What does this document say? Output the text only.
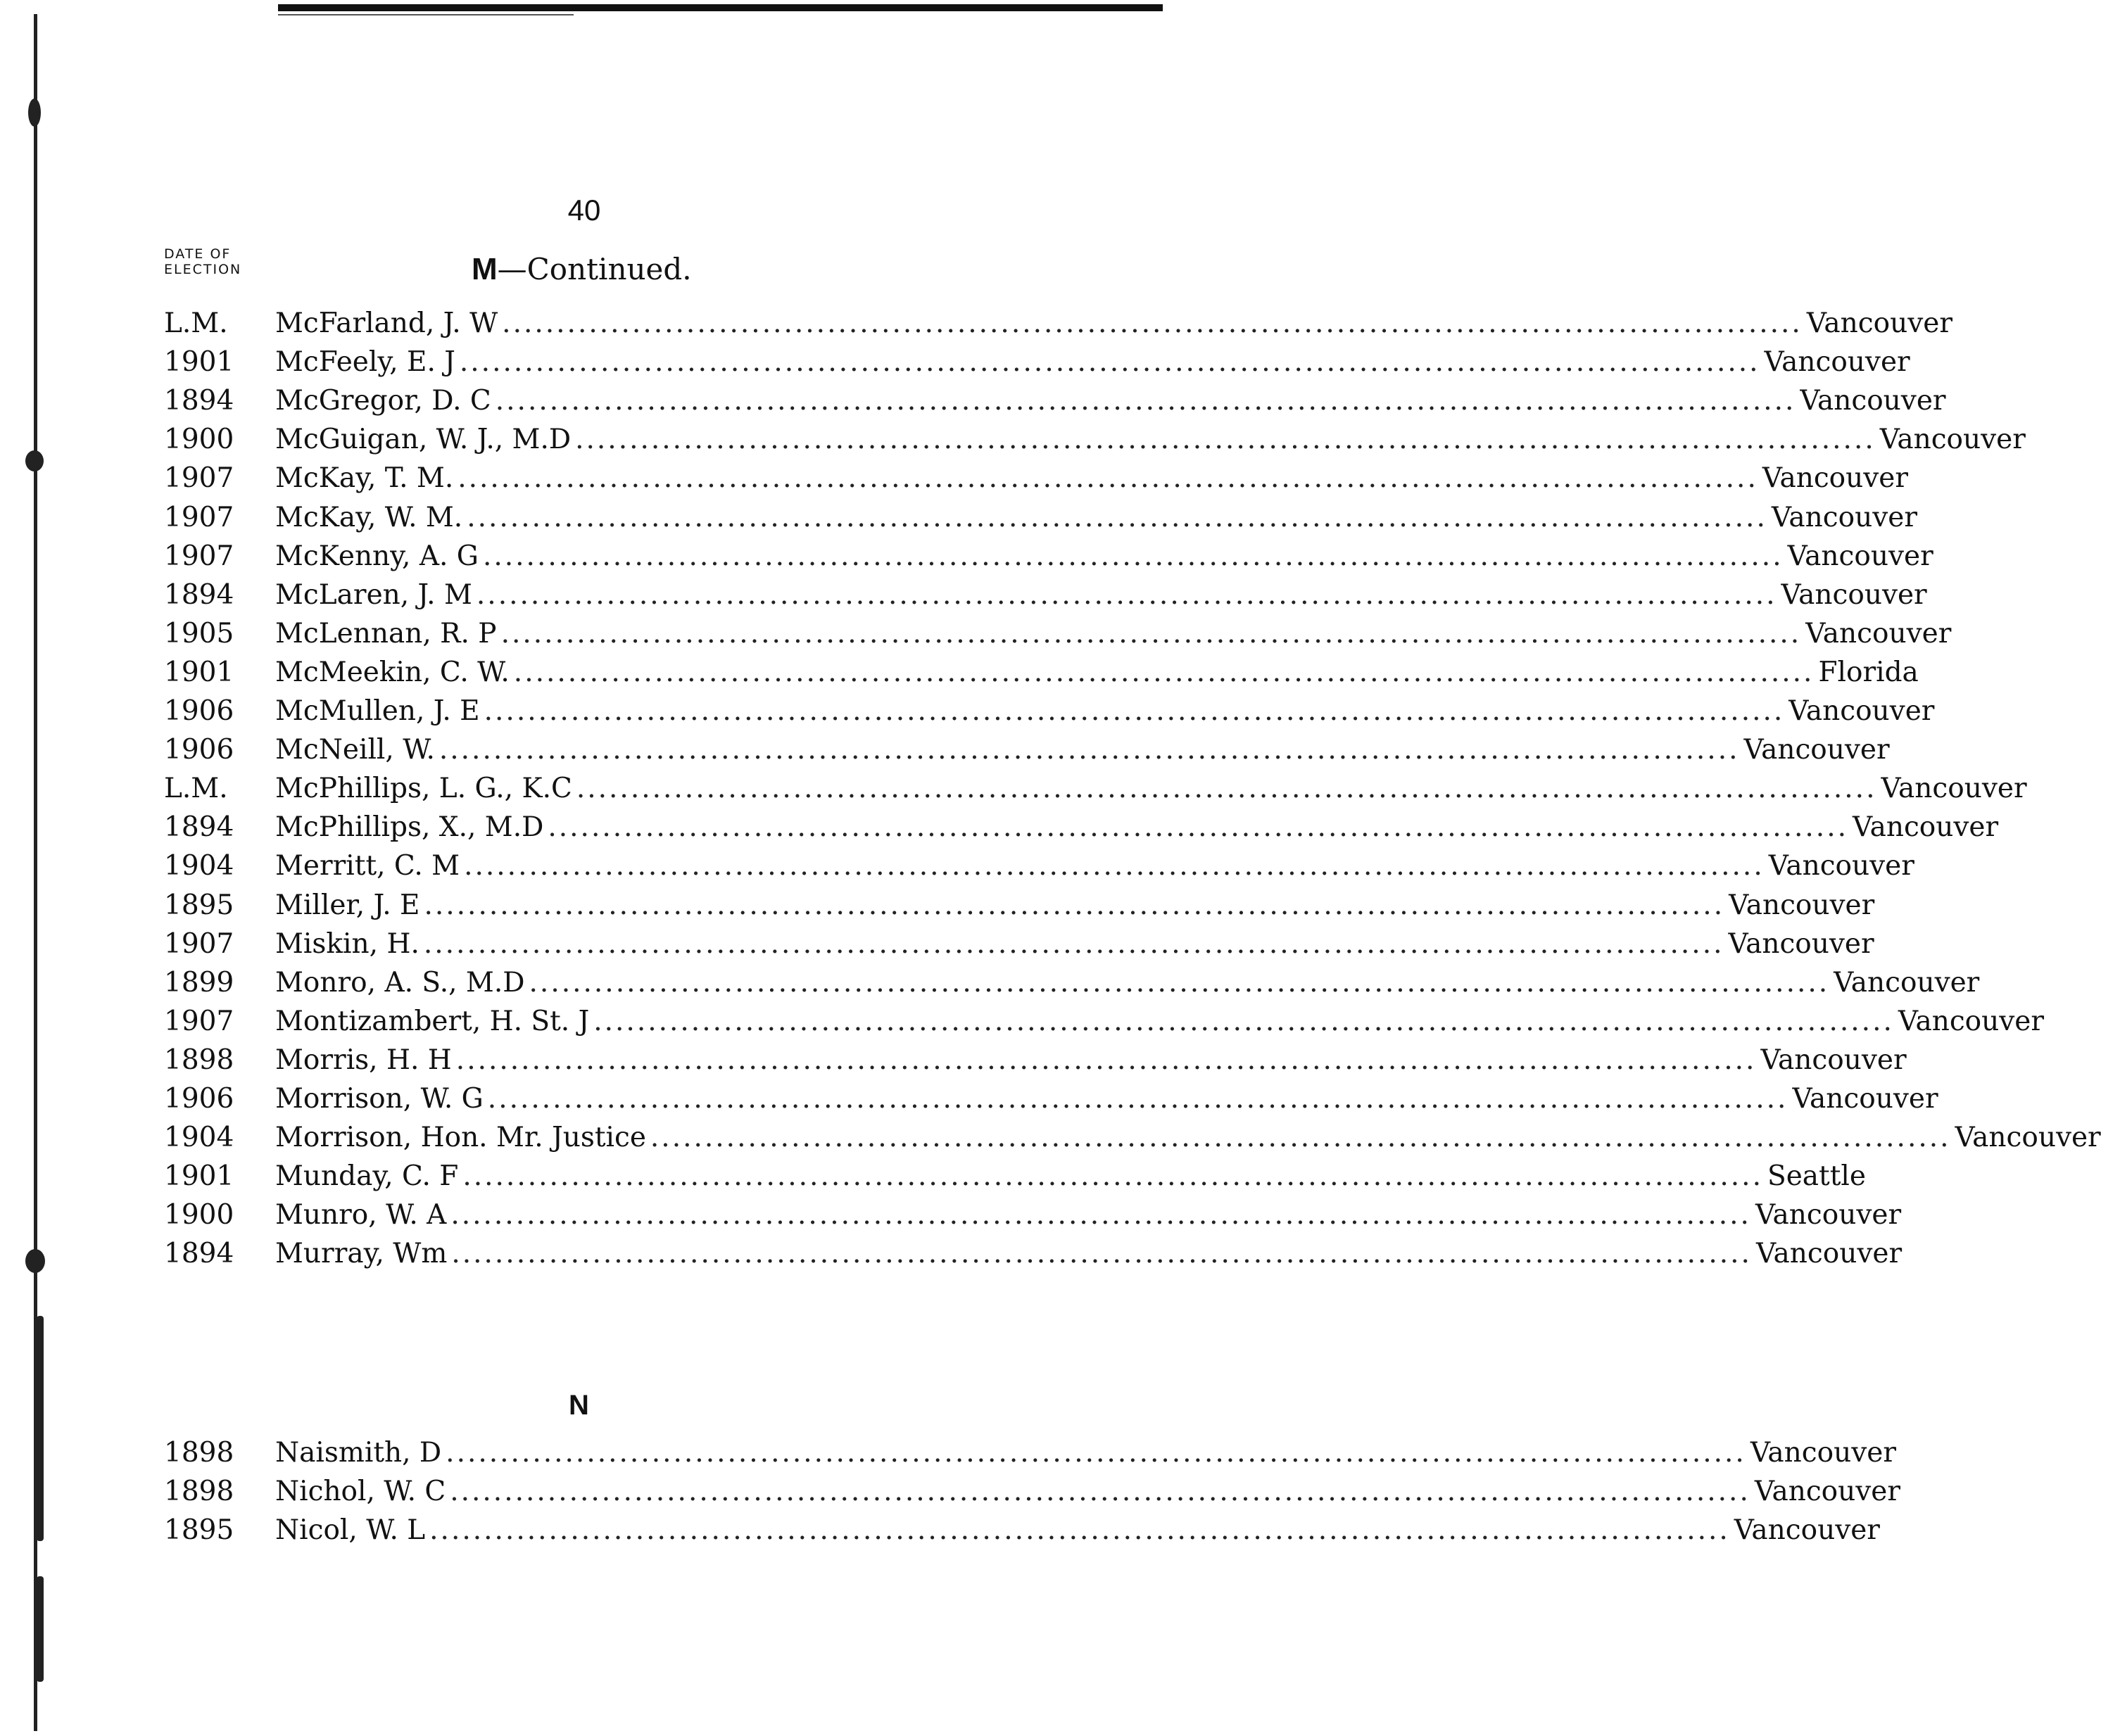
40
DATE OF
ELECTION	M—Continued.
L.M.	McFarland, J. W ........................................................................................................................ Vancouver
1901	McFeely, E. J ........................................................................................................................ Vancouver
1894	McGregor, D. C ........................................................................................................................ Vancouver
1900	McGuigan, W. J., M.D ........................................................................................................................ Vancouver
1907	McKay, T. M. ........................................................................................................................ Vancouver
1907	McKay, W. M. ........................................................................................................................ Vancouver
1907	McKenny, A. G ........................................................................................................................ Vancouver
1894	McLaren, J. M ........................................................................................................................ Vancouver
1905	McLennan, R. P ........................................................................................................................ Vancouver
1901	McMeekin, C. W. ........................................................................................................................ Florida
1906	McMullen, J. E ........................................................................................................................ Vancouver
1906	McNeill, W. ........................................................................................................................ Vancouver
L.M.	McPhillips, L. G., K.C ........................................................................................................................ Vancouver
1894	McPhillips, X., M.D ........................................................................................................................ Vancouver
1904	Merritt, C. M ........................................................................................................................ Vancouver
1895	Miller, J. E ........................................................................................................................ Vancouver
1907	Miskin, H. ........................................................................................................................ Vancouver
1899	Monro, A. S., M.D ........................................................................................................................ Vancouver
1907	Montizambert, H. St. J ........................................................................................................................ Vancouver
1898	Morris, H. H ........................................................................................................................ Vancouver
1906	Morrison, W. G ........................................................................................................................ Vancouver
1904	Morrison, Hon. Mr. Justice ........................................................................................................................ Vancouver
1901	Munday, C. F ........................................................................................................................ Seattle
1900	Munro, W. A ........................................................................................................................ Vancouver
1894	Murray, Wm ........................................................................................................................ Vancouver
N
1898	Naismith, D ........................................................................................................................ Vancouver
1898	Nichol, W. C ........................................................................................................................ Vancouver
1895	Nicol, W. L ........................................................................................................................ Vancouver
